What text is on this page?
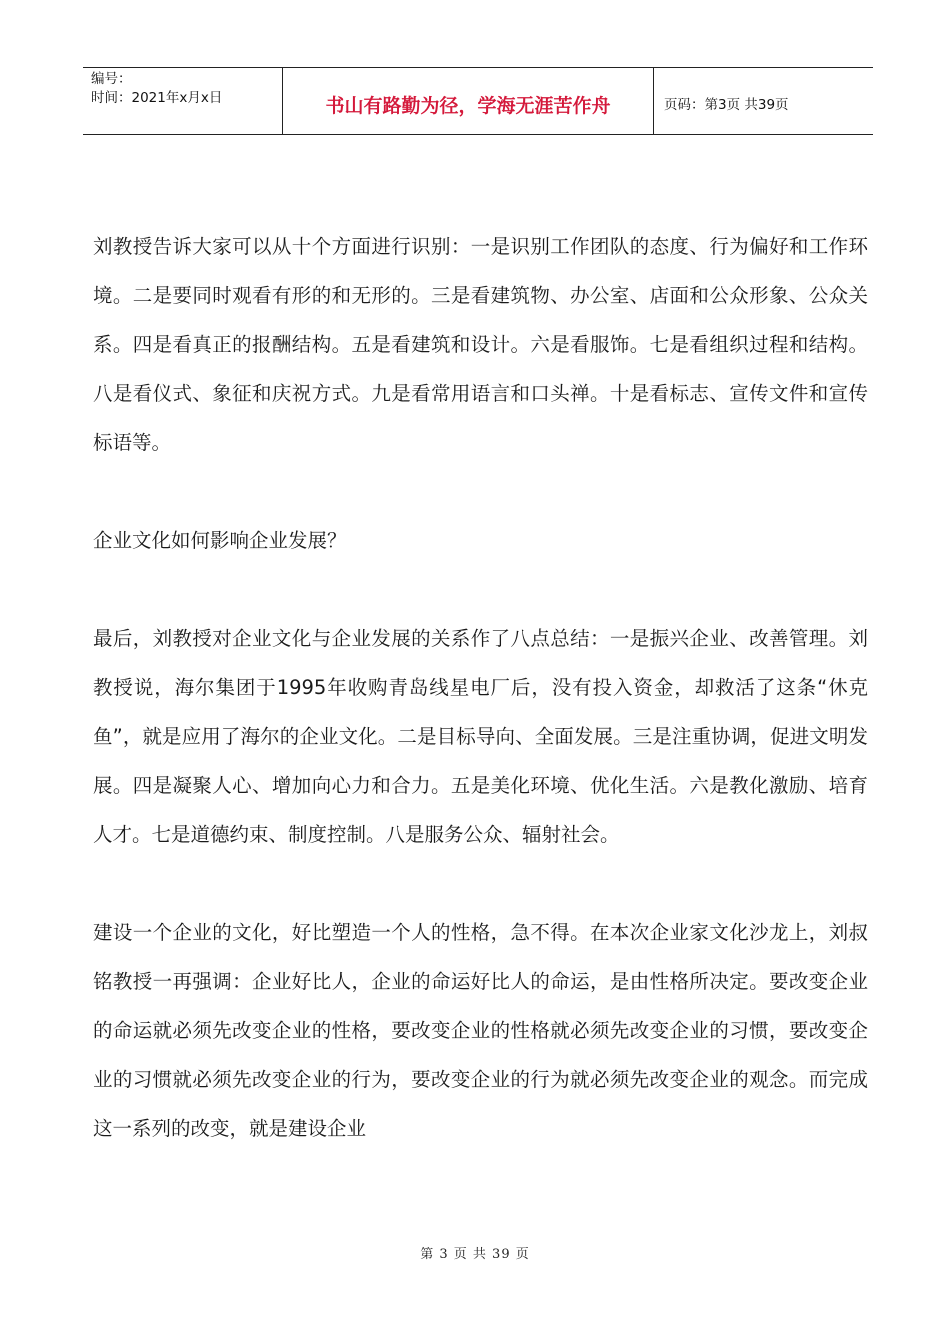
编号：
时间：2021年x月x日	书山有路勤为径，学海无涯苦作舟	页码：第3页 共39页

刘教授告诉大家可以从十个方面进行识别：一是识别工作团队的态度、行为偏好和工作环境。二是要同时观看有形的和无形的。三是看建筑物、办公室、店面和公众形象、公众关系。四是看真正的报酬结构。五是看建筑和设计。六是看服饰。七是看组织过程和结构。八是看仪式、象征和庆祝方式。九是看常用语言和口头禅。十是看标志、宣传文件和宣传标语等。

企业文化如何影响企业发展？

最后，刘教授对企业文化与企业发展的关系作了八点总结：一是振兴企业、改善管理。刘教授说，海尔集团于1995年收购青岛线星电厂后，没有投入资金，却救活了这条“休克鱼”，就是应用了海尔的企业文化。二是目标导向、全面发展。三是注重协调，促进文明发展。四是凝聚人心、增加向心力和合力。五是美化环境、优化生活。六是教化激励、培育人才。七是道德约束、制度控制。八是服务公众、辐射社会。

建设一个企业的文化，好比塑造一个人的性格，急不得。在本次企业家文化沙龙上，刘叔铭教授一再强调：企业好比人，企业的命运好比人的命运，是由性格所决定。要改变企业的命运就必须先改变企业的性格，要改变企业的性格就必须先改变企业的习惯，要改变企业的习惯就必须先改变企业的行为，要改变企业的行为就必须先改变企业的观念。而完成这一系列的改变，就是建设企业

第 3 页 共 39 页
